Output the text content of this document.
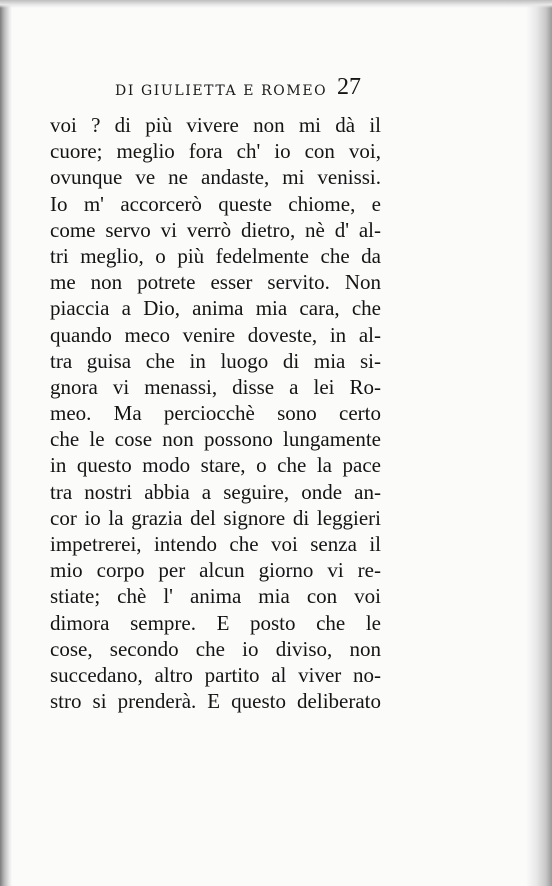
DI GIULIETTA E ROMEO 27
voi ? di più vivere non mi dà il
cuore; meglio fora ch' io con voi,
ovunque ve ne andaste, mi venissi.
Io m' accorcerò queste chiome, e
come servo vi verrò dietro, nè d' al-
tri meglio, o più fedelmente che da
me non potrete esser servito. Non
piaccia a Dio, anima mia cara, che
quando meco venire doveste, in al-
tra guisa che in luogo di mia si-
gnora vi menassi, disse a lei Ro-
meo. Ma perciocchè sono certo
che le cose non possono lungamente
in questo modo stare, o che la pace
tra nostri abbia a seguire, onde an-
cor io la grazia del signore di leggieri
impetrerei, intendo che voi senza il
mio corpo per alcun giorno vi re-
stiate; chè l' anima mia con voi
dimora sempre. E posto che le
cose, secondo che io diviso, non
succedano, altro partito al viver no-
stro si prenderà. E questo deliberato
